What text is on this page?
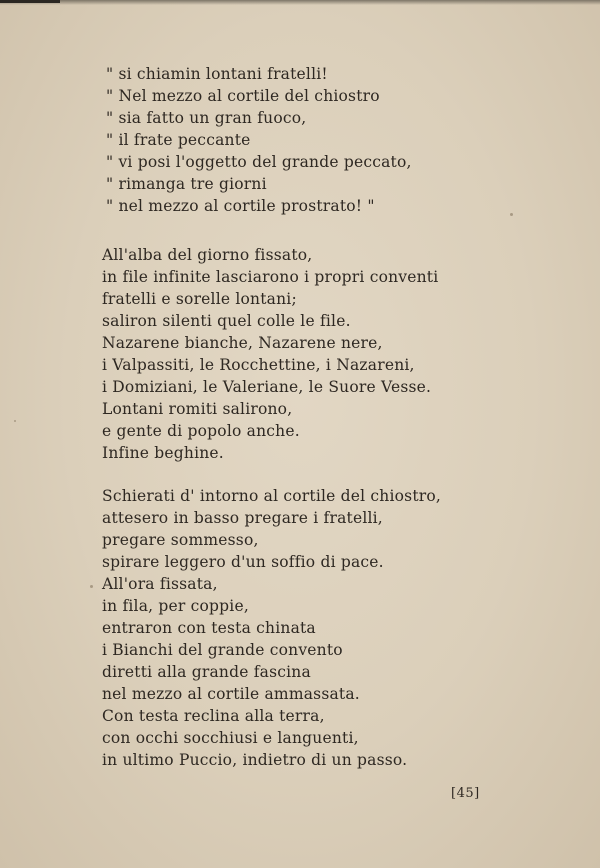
" si chiamin lontani fratelli!
" Nel mezzo al cortile del chiostro
" sia fatto un gran fuoco,
" il frate peccante
" vi posi l'oggetto del grande peccato,
" rimanga tre giorni
" nel mezzo al cortile prostrato! "
All'alba del giorno fissato,
in file infinite lasciarono i propri conventi
fratelli e sorelle lontani;
saliron silenti quel colle le file.
Nazarene bianche, Nazarene nere,
i Valpassiti, le Rocchettine, i Nazareni,
i Domiziani, le Valeriane, le Suore Vesse.
Lontani romiti salirono,
e gente di popolo anche.
Infine beghine.
Schierati d' intorno al cortile del chiostro,
attesero in basso pregare i fratelli,
pregare sommesso,
spirare leggero d'un soffio di pace.
All'ora fissata,
in fila, per coppie,
entraron con testa chinata
i Bianchi del grande convento
diretti alla grande fascina
nel mezzo al cortile ammassata.
Con testa reclina alla terra,
con occhi socchiusi e languenti,
in ultimo Puccio, indietro di un passo.
[45]
